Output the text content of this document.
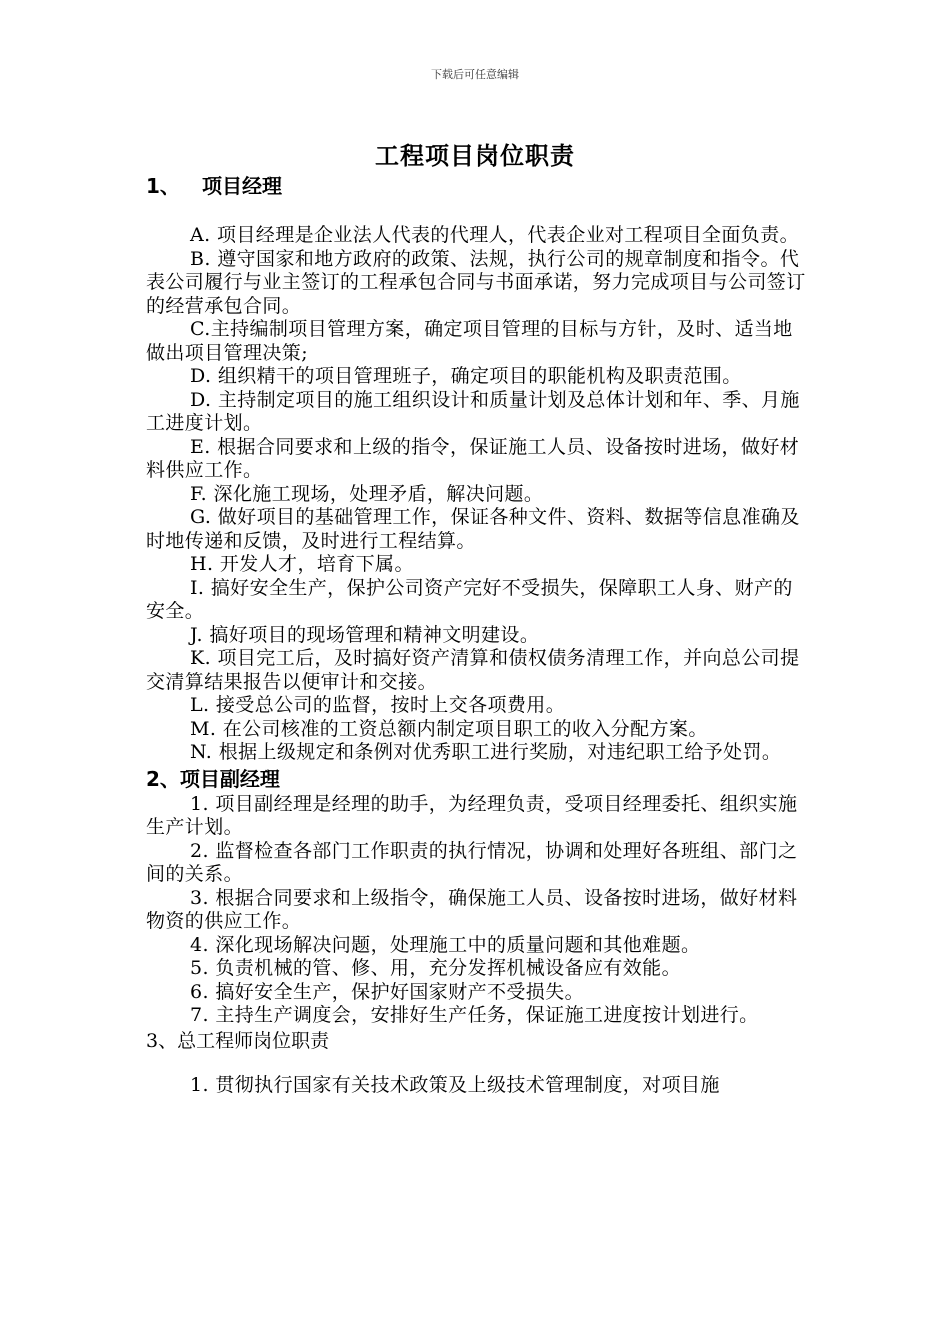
下载后可任意编辑
工程项目岗位职责

1、 项目经理

A. 项目经理是企业法人代表的代理人，代表企业对工程项目全面负责。

B. 遵守国家和地方政府的政策、法规，执行公司的规章制度和指令。代表公司履行与业主签订的工程承包合同与书面承诺，努力完成项目与公司签订的经营承包合同。

C.主持编制项目管理方案，确定项目管理的目标与方针，及时、适当地做出项目管理决策;

D. 组织精干的项目管理班子，确定项目的职能机构及职责范围。

D. 主持制定项目的施工组织设计和质量计划及总体计划和年、季、月施工进度计划。

E. 根据合同要求和上级的指令，保证施工人员、设备按时进场，做好材料供应工作。

F. 深化施工现场，处理矛盾，解决问题。

G. 做好项目的基础管理工作，保证各种文件、资料、数据等信息准确及时地传递和反馈，及时进行工程结算。

H. 开发人才，培育下属。

I. 搞好安全生产，保护公司资产完好不受损失，保障职工人身、财产的安全。

J. 搞好项目的现场管理和精神文明建设。

K. 项目完工后，及时搞好资产清算和债权债务清理工作，并向总公司提交清算结果报告以便审计和交接。

L. 接受总公司的监督，按时上交各项费用。

M. 在公司核准的工资总额内制定项目职工的收入分配方案。

N. 根据上级规定和条例对优秀职工进行奖励，对违纪职工给予处罚。

2、项目副经理

1. 项目副经理是经理的助手，为经理负责，受项目经理委托、组织实施生产计划。

2. 监督检查各部门工作职责的执行情况，协调和处理好各班组、部门之间的关系。

3. 根据合同要求和上级指令，确保施工人员、设备按时进场，做好材料物资的供应工作。

4. 深化现场解决问题，处理施工中的质量问题和其他难题。

5. 负责机械的管、修、用，充分发挥机械设备应有效能。

6. 搞好安全生产，保护好国家财产不受损失。

7. 主持生产调度会，安排好生产任务，保证施工进度按计划进行。

3、总工程师岗位职责

1. 贯彻执行国家有关技术政策及上级技术管理制度，对项目施
